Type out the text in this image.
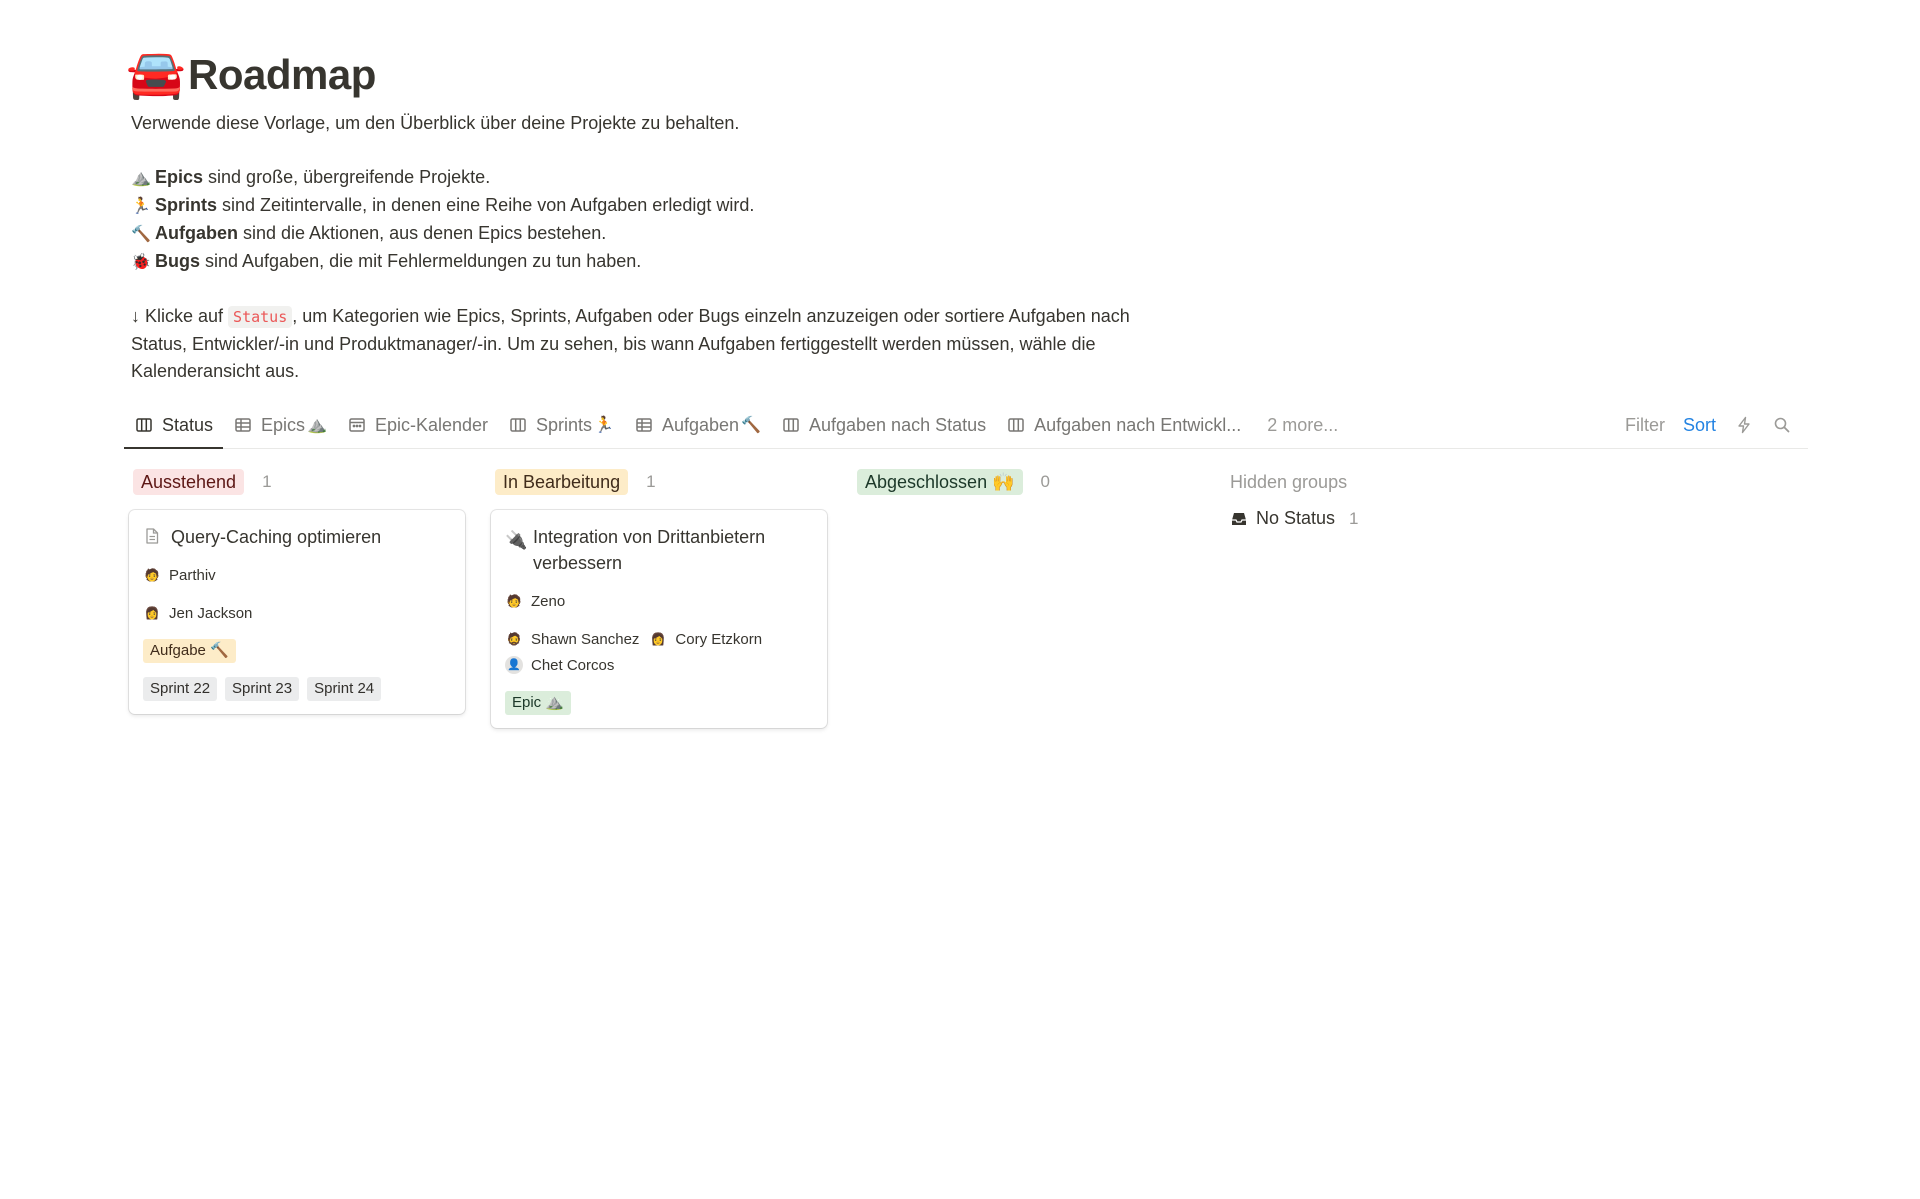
🚘 Roadmap

Verwende diese Vorlage, um den Überblick über deine Projekte zu behalten.

⛰️ Epics sind große, übergreifende Projekte.

🏃 Sprints sind Zeitintervalle, in denen eine Reihe von Aufgaben erledigt wird.

🔨 Aufgaben sind die Aktionen, aus denen Epics bestehen.

🐞 Bugs sind Aufgaben, die mit Fehlermeldungen zu tun haben.

↓ Klicke auf Status , um Kategorien wie Epics, Sprints, Aufgaben oder Bugs einzeln anzuzeigen oder sortiere Aufgaben nach Status, Entwickler/-in und Produktmanager/-in. Um zu sehen, bis wann Aufgaben fertiggestellt werden müssen, wähle die Kalenderansicht aus.

Status	Epics ⛰️	Epic-Kalender	Sprints 🏃	Aufgaben 🔨	Aufgaben nach Status	Aufgaben nach Entwickl...	2 more...	Filter Sort
Ausstehend	1
Query-Caching optimieren
🧑 Parthiv
👩 Jen Jackson
Aufgabe 🔨
Sprint 22	Sprint 23	Sprint 24
In Bearbeitung	1
🔌 Integration von Drittanbietern verbessern
🧑 Zeno
🧔 Shawn Sanchez 👩 Cory Etzkorn
👤 Chet Corcos
Epic ⛰️
Abgeschlossen 🙌	0	Hidden groups
No Status 1
